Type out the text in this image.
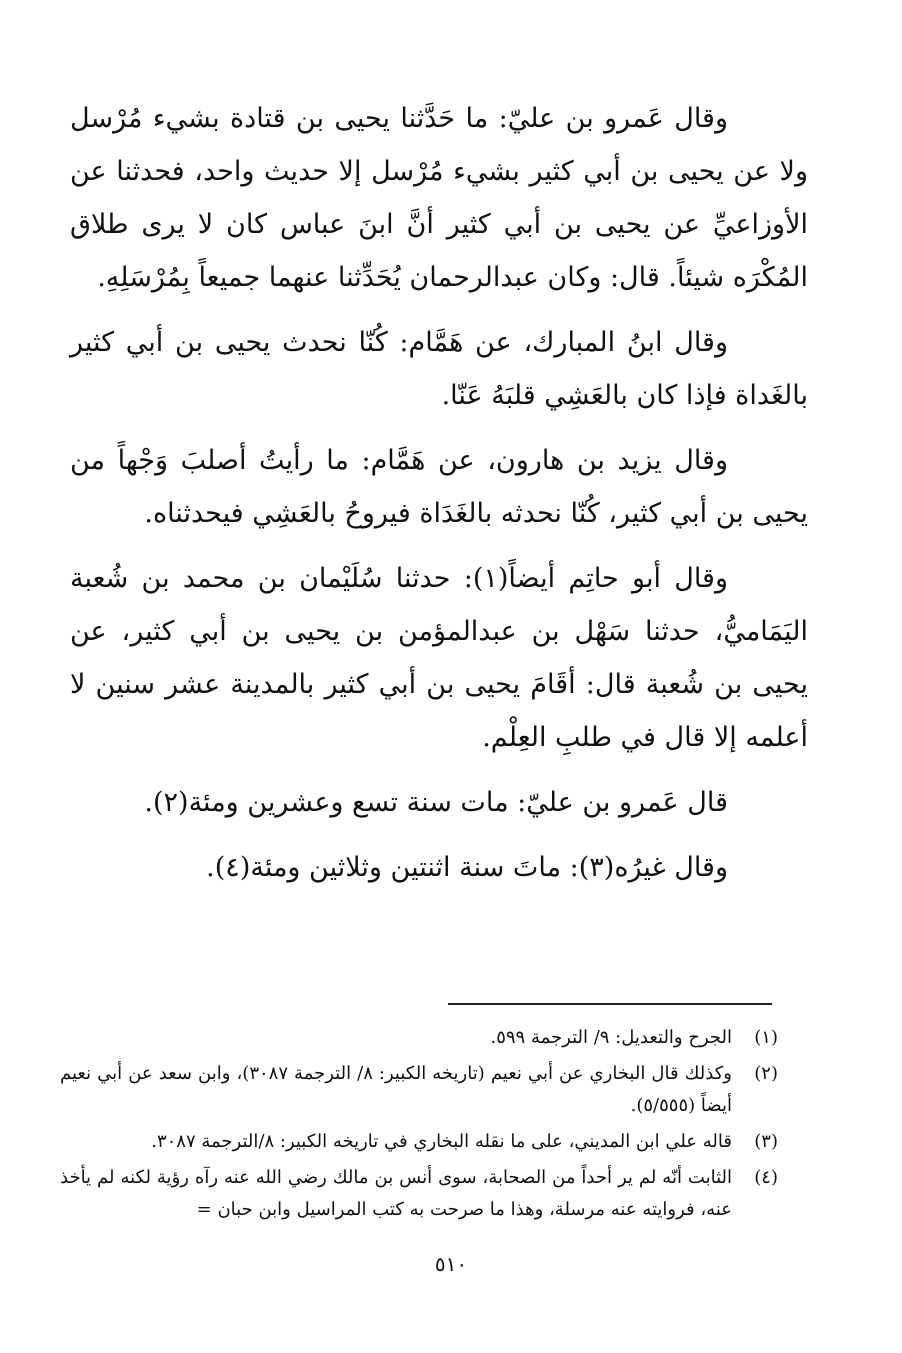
وقال عَمرو بن عليّ: ما حَدَّثنا يحيى بن قتادة بشيء مُرْسل ولا عن يحيى بن أبي كثير بشيء مُرْسل إلا حديث واحد، فحدثنا عن الأوزاعيِّ عن يحيى بن أبي كثير أنَّ ابنَ عباس كان لا يرى طلاق المُكْرَه شيئاً. قال: وكان عبدالرحمان يُحَدِّثنا عنهما جميعاً بِمُرْسَلِهِ.

وقال ابنُ المبارك، عن هَمَّام: كُنّا نحدث يحيى بن أبي كثير بالغَداة فإذا كان بالعَشِي قلبَهُ عَنّا.

وقال يزيد بن هارون، عن هَمَّام: ما رأيتُ أصلبَ وَجْهاً من يحيى بن أبي كثير، كُنّا نحدثه بالغَدَاة فيروحُ بالعَشِي فيحدثناه.

وقال أبو حاتِم أيضاً(١): حدثنا سُلَيْمان بن محمد بن شُعبة اليَمَاميُّ، حدثنا سَهْل بن عبدالمؤمن بن يحيى بن أبي كثير، عن يحيى بن شُعبة قال: أقَامَ يحيى بن أبي كثير بالمدينة عشر سنين لا أعلمه إلا قال في طلبِ العِلْم.

قال عَمرو بن عليّ: مات سنة تسع وعشرين ومئة(٢).

وقال غيرُه(٣): ماتَ سنة اثنتين وثلاثين ومئة(٤).

(١)
الجرح والتعديل: ٩/ الترجمة ٥٩٩.
(٢)
وكذلك قال البخاري عن أبي نعيم (تاريخه الكبير: ٨/ الترجمة ٣٠٨٧)، وابن سعد عن أبي نعيم أيضاً (٥/٥٥٥).
(٣)
قاله علي ابن المديني، على ما نقله البخاري في تاريخه الكبير: ٨/الترجمة ٣٠٨٧.
(٤)
الثابت أنّه لم ير أحداً من الصحابة، سوى أنس بن مالك رضي الله عنه رآه رؤية لكنه لم يأخذ عنه، فروايته عنه مرسلة، وهذا ما صرحت به كتب المراسيل وابن حبان =
٥١٠
